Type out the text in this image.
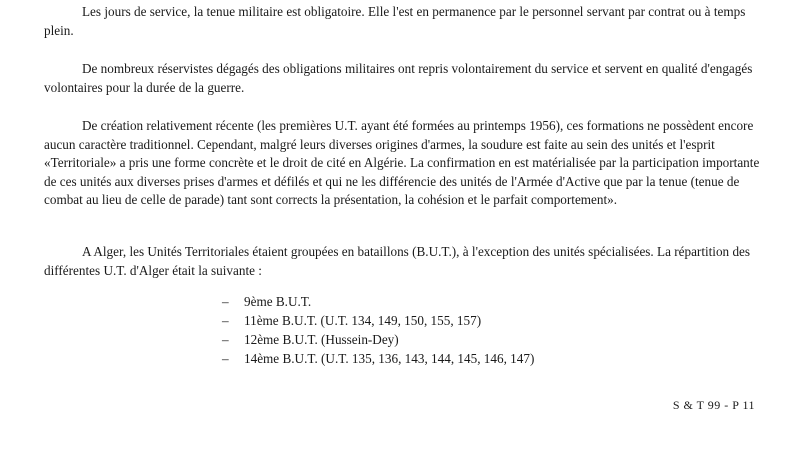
Les jours de service, la tenue militaire est obligatoire. Elle l'est en permanence par le personnel servant par contrat ou à temps plein.

De nombreux réservistes dégagés des obligations militaires ont repris volontairement du service et servent en qualité d'engagés volontaires pour la durée de la guerre.

De création relativement récente (les premières U.T. ayant été formées au printemps 1956), ces formations ne possèdent encore aucun caractère traditionnel. Cependant, malgré leurs diverses origines d'armes, la soudure est faite au sein des unités et l'esprit «Territoriale» a pris une forme concrète et le droit de cité en Algérie. La confirmation en est matérialisée par la participation importante de ces unités aux diverses prises d'armes et défilés et qui ne les différencie des unités de l'Armée d'Active que par la tenue (tenue de combat au lieu de celle de parade) tant sont corrects la présentation, la cohésion et le parfait comportement».

A Alger, les Unités Territoriales étaient groupées en bataillons (B.U.T.), à l'exception des unités spécialisées. La répartition des différentes U.T. d'Alger était la suivante :

– 9ème B.U.T.
– 11ème B.U.T. (U.T. 134, 149, 150, 155, 157)
– 12ème B.U.T. (Hussein-Dey)
– 14ème B.U.T. (U.T. 135, 136, 143, 144, 145, 146, 147)
S & T 99 - P 11
